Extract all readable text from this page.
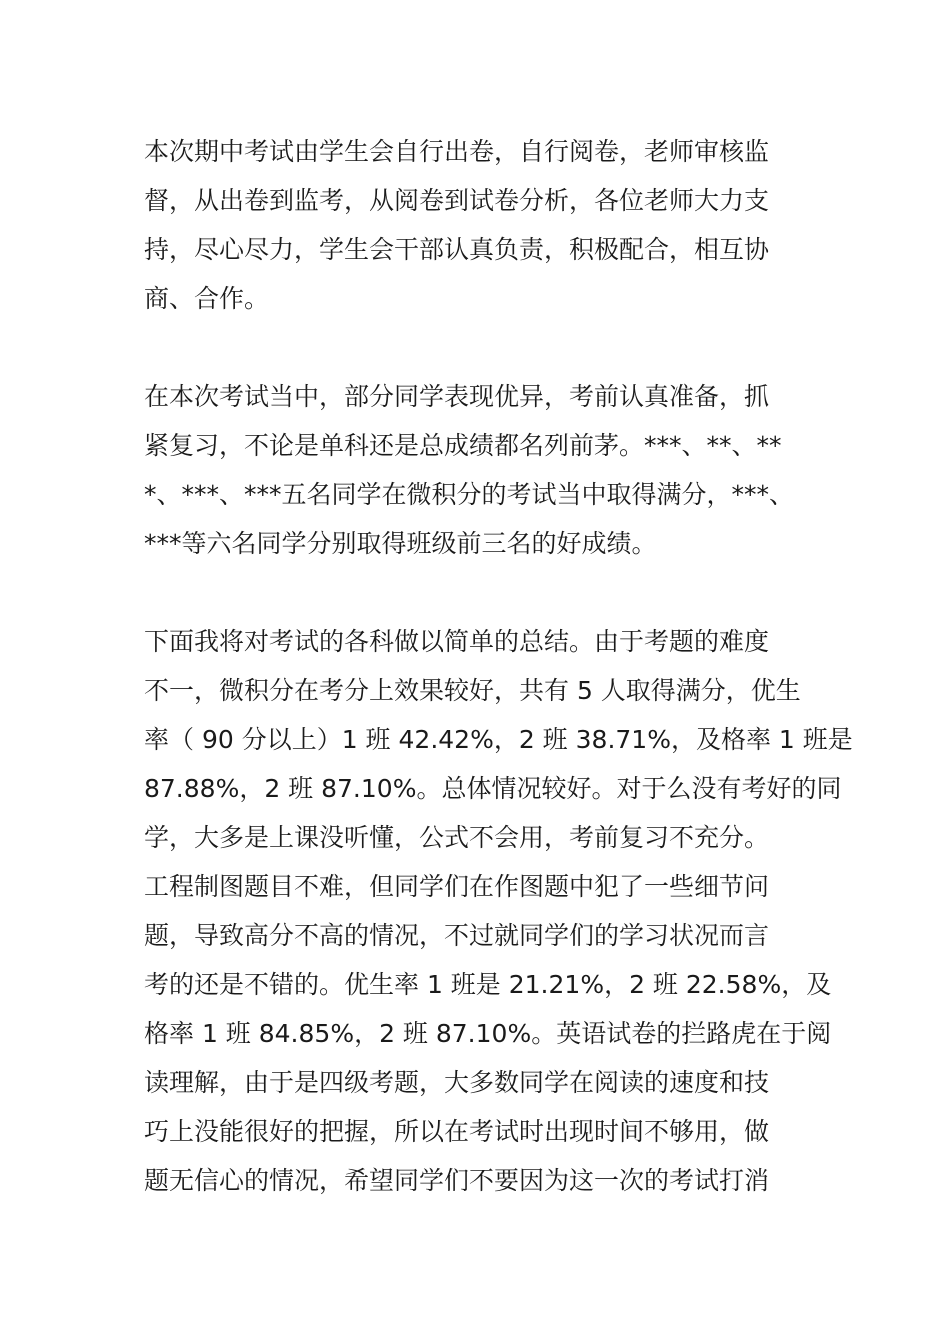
本次期中考试由学生会自行出卷，自行阅卷，老师审核监
督，从出卷到监考，从阅卷到试卷分析，各位老师大力支
持，尽心尽力，学生会干部认真负责，积极配合，相互协
商、合作。
在本次考试当中，部分同学表现优异，考前认真准备，抓
紧复习，不论是单科还是总成绩都名列前茅。***、**、**
*、***、***五名同学在微积分的考试当中取得满分，***、
***等六名同学分别取得班级前三名的好成绩。
下面我将对考试的各科做以简单的总结。由于考题的难度
不一，微积分在考分上效果较好，共有 5 人取得满分，优生
率（ 90 分以上）1 班 42.42%，2 班 38.71%，及格率 1 班是
87.88%，2 班 87.10%。总体情况较好。对于么没有考好的同
学，大多是上课没听懂，公式不会用，考前复习不充分。
工程制图题目不难，但同学们在作图题中犯了一些细节问
题，导致高分不高的情况，不过就同学们的学习状况而言
考的还是不错的。优生率 1 班是 21.21%，2 班 22.58%，及
格率 1 班 84.85%，2 班 87.10%。英语试卷的拦路虎在于阅
读理解，由于是四级考题，大多数同学在阅读的速度和技
巧上没能很好的把握，所以在考试时出现时间不够用，做
题无信心的情况，希望同学们不要因为这一次的考试打消
